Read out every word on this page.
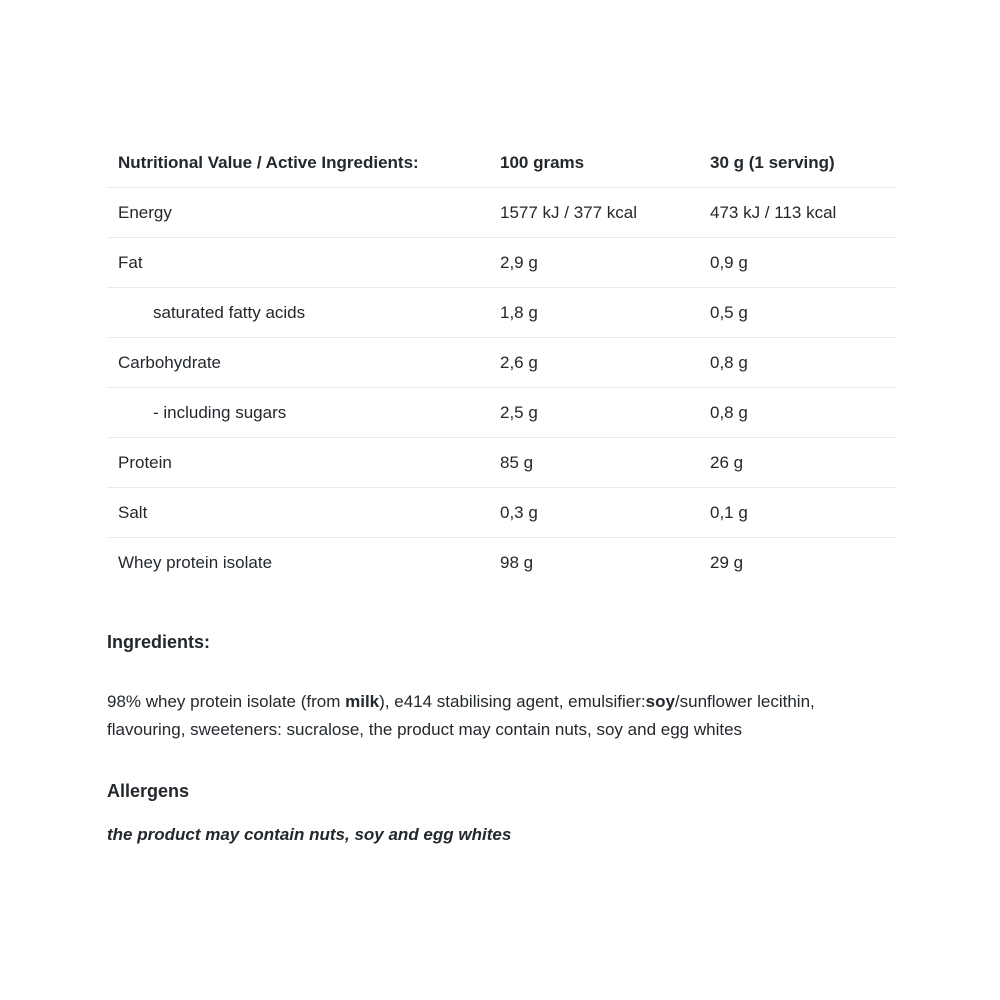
Nutritional Value / Active Ingredients:	100 grams	30 g (1 serving)
Energy	1577 kJ / 377 kcal	473 kJ / 113 kcal
Fat	2,9 g	0,9 g
saturated fatty acids	1,8 g	0,5 g
Carbohydrate	2,6 g	0,8 g
- including sugars	2,5 g	0,8 g
Protein	85 g	26 g
Salt	0,3 g	0,1 g
Whey protein isolate	98 g	29 g
Ingredients:

98% whey protein isolate (from milk), e414 stabilising agent, emulsifier:soy/sunflower lecithin, flavouring, sweeteners: sucralose, the product may contain nuts, soy and egg whites

Allergens
the product may contain nuts, soy and egg whites
